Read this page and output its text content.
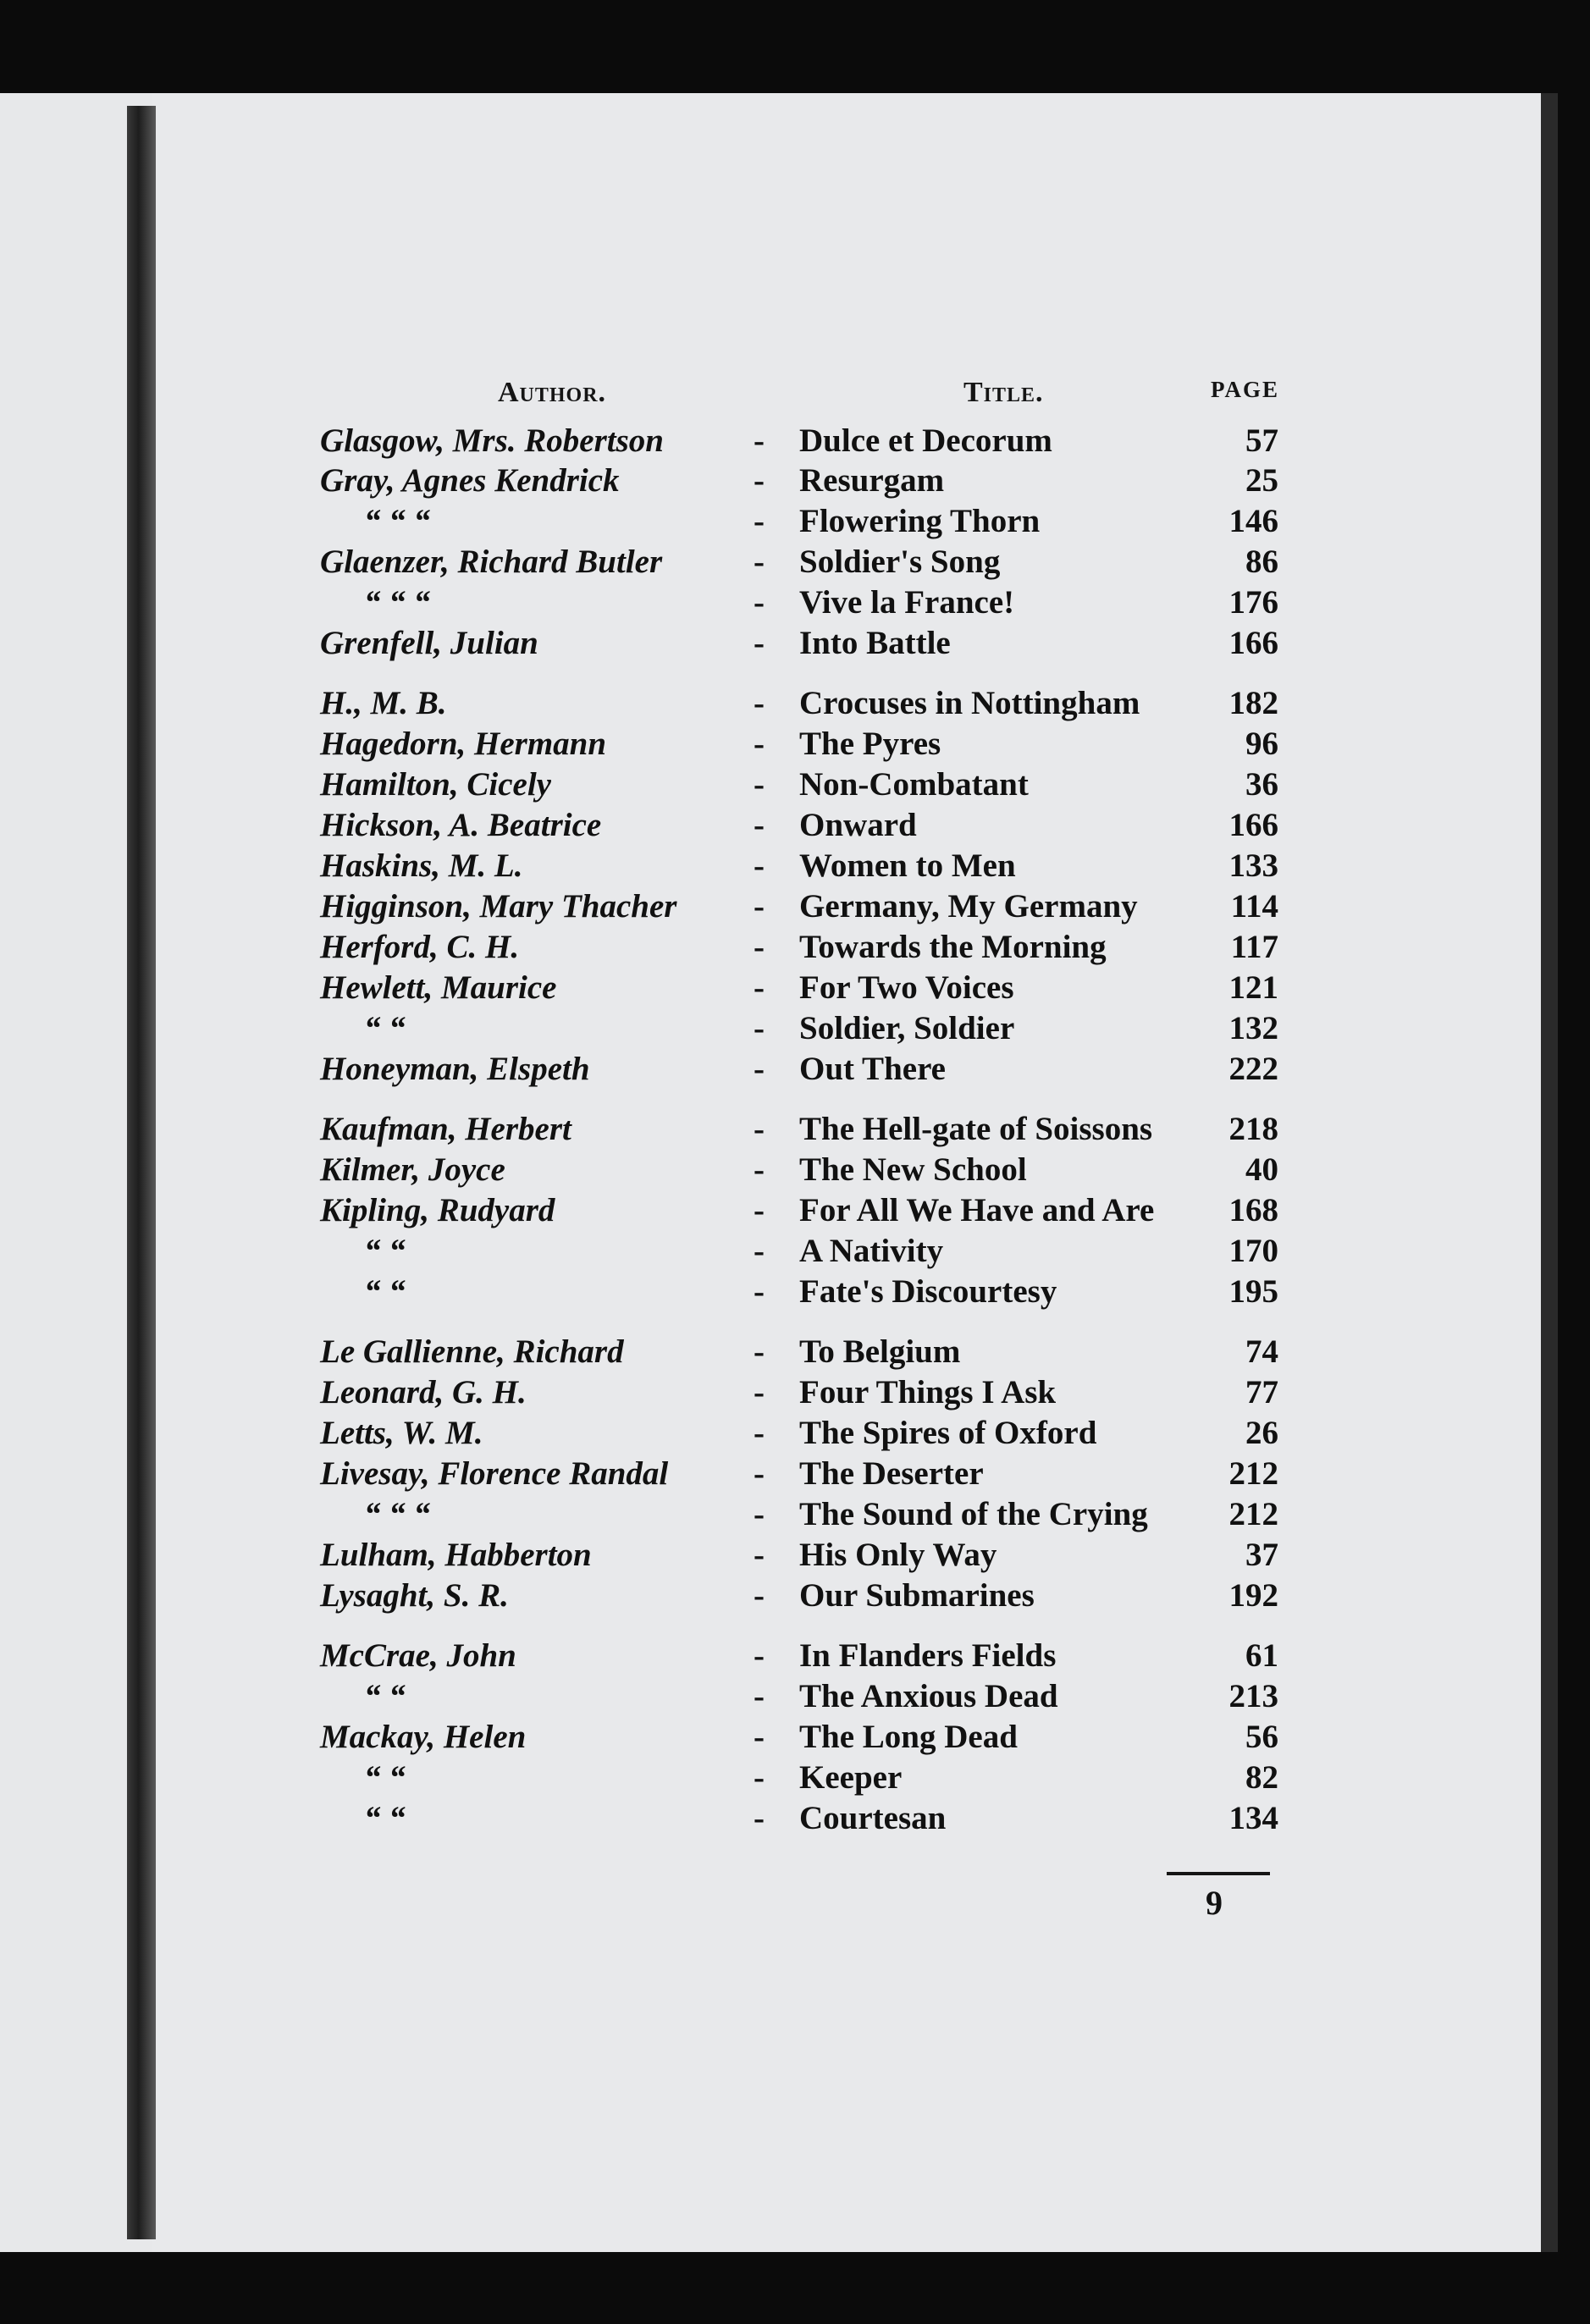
Author.	Title.	PAGE
Glasgow, Mrs. Robertson	- Dulce et Decorum	57
Gray, Agnes Kendrick	- Resurgam	25
“ “ “	- Flowering Thorn	146
Glaenzer, Richard Butler	- Soldier's Song	86
“ “ “	- Vive la France!	176
Grenfell, Julian	- Into Battle	166
H., M. B.	- Crocuses in Nottingham	182
Hagedorn, Hermann	- The Pyres	96
Hamilton, Cicely	- Non-Combatant	36
Hickson, A. Beatrice	- Onward	166
Haskins, M. L.	- Women to Men	133
Higginson, Mary Thacher - Germany, My Germany	114
Herford, C. H.	- Towards the Morning	117
Hewlett, Maurice	- For Two Voices	121
“ “	- Soldier, Soldier	132
Honeyman, Elspeth	- Out There	222
Kaufman, Herbert	- The Hell-gate of Soissons 218
Kilmer, Joyce	- The New School	40
Kipling, Rudyard	- For All We Have and Are 168
“ “	- A Nativity	170
“ “	- Fate's Discourtesy	195
Le Gallienne, Richard	- To Belgium	74
Leonard, G. H.	- Four Things I Ask	77
Letts, W. M.	- The Spires of Oxford	26
Livesay, Florence Randal	- The Deserter	212
“ “ “	- The Sound of the Crying 212
Lulham, Habberton	- His Only Way	37
Lysaght, S. R.	- Our Submarines	192
McCrae, John	- In Flanders Fields	61
“ “	- The Anxious Dead	213
Mackay, Helen	- The Long Dead	56
“ “	- Keeper	82
“ “	- Courtesan	134
9
